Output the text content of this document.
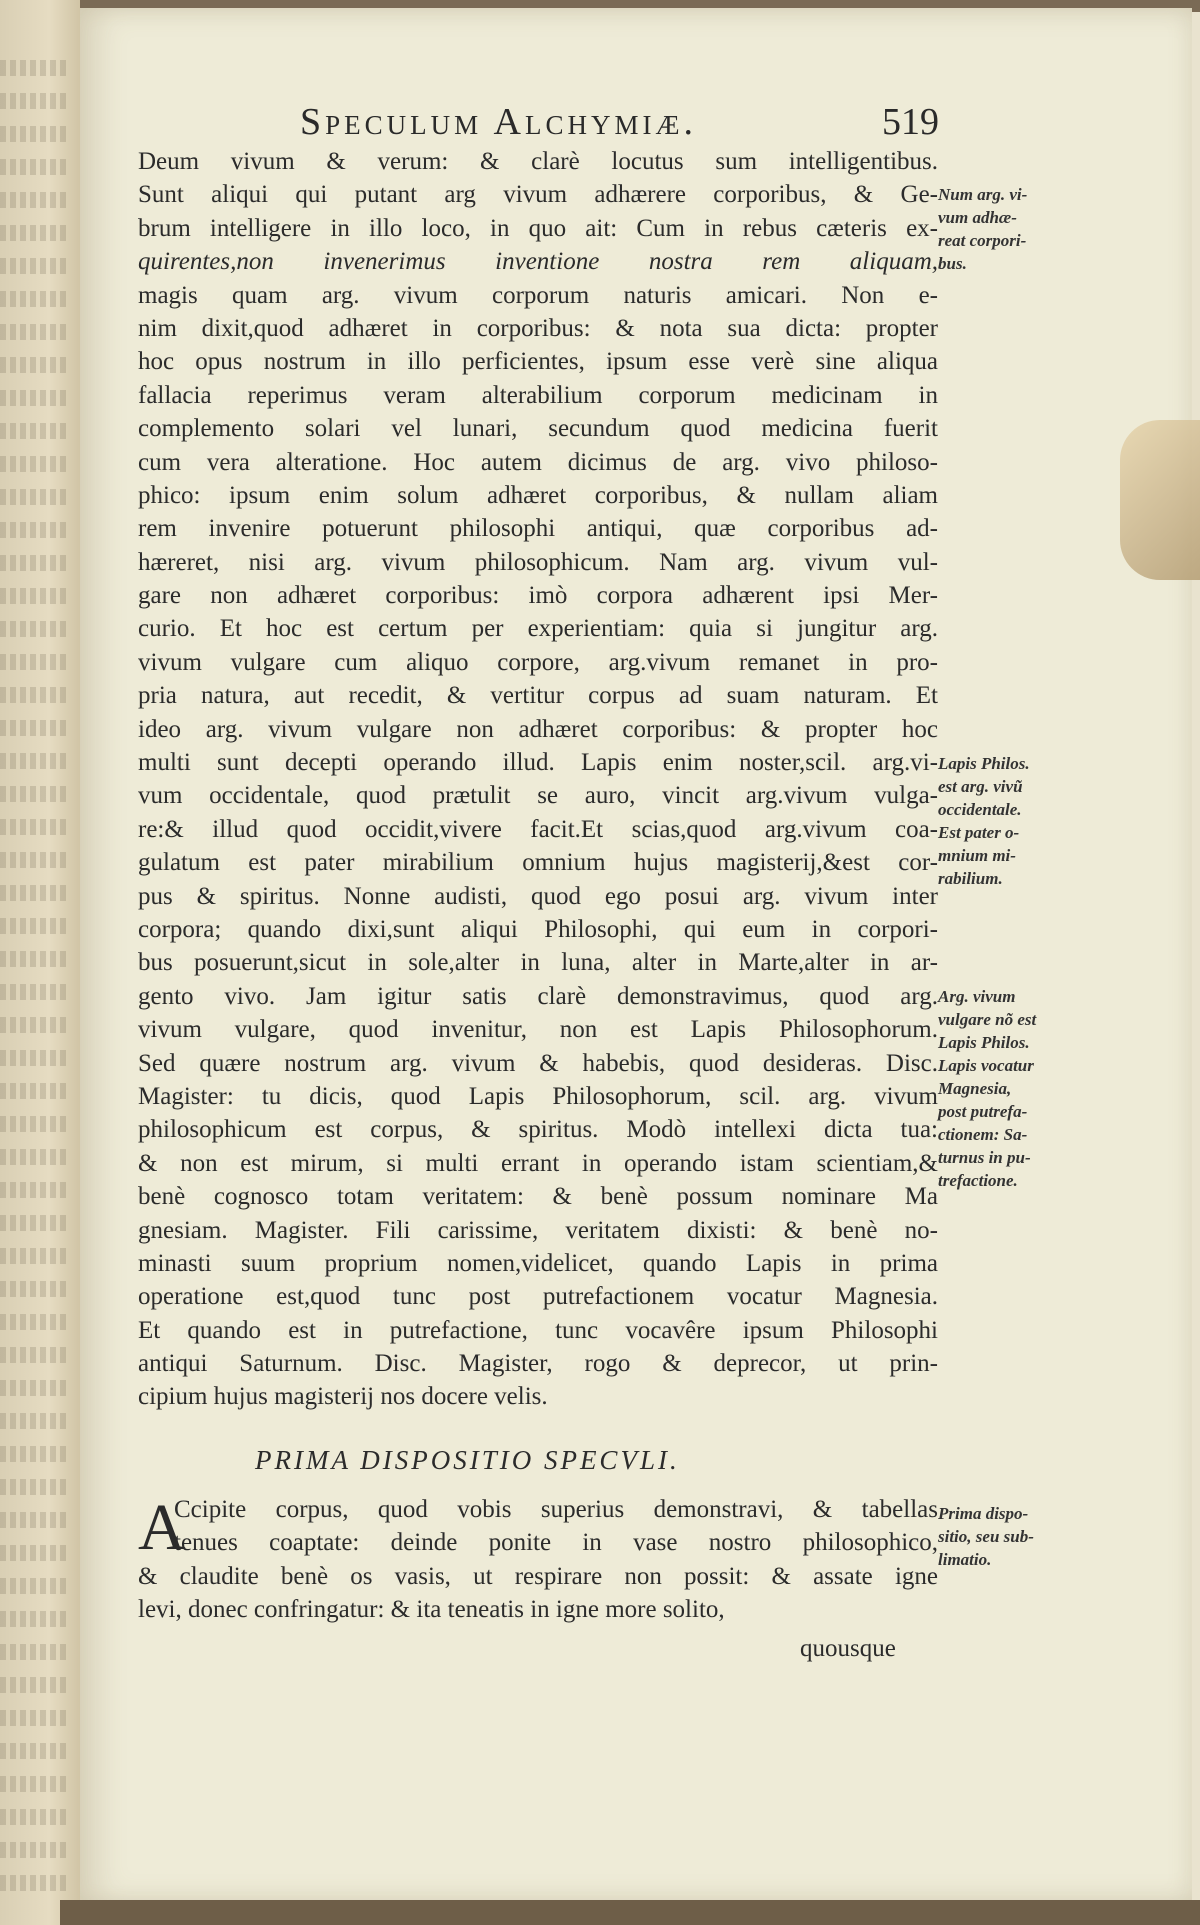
Speculum Alchymiæ.	519
Deum vivum & verum: & clarè locutus sum intelligentibus.
Sunt aliqui qui putant arg vivum adhærere corporibus, & Ge-
brum intelligere in illo loco, in quo ait: Cum in rebus cæteris ex-
quirentes,non invenerimus inventione nostra rem aliquam,
magis quam arg. vivum corporum naturis amicari. Non e-
nim dixit,quod adhæret in corporibus: & nota sua dicta: propter
hoc opus nostrum in illo perficientes, ipsum esse verè sine aliqua
fallacia reperimus veram alterabilium corporum medicinam in
complemento solari vel lunari, secundum quod medicina fuerit
cum vera alteratione. Hoc autem dicimus de arg. vivo philoso-
phico: ipsum enim solum adhæret corporibus, & nullam aliam
rem invenire potuerunt philosophi antiqui, quæ corporibus ad-
hæreret, nisi arg. vivum philosophicum. Nam arg. vivum vul-
gare non adhæret corporibus: imò corpora adhærent ipsi Mer-
curio. Et hoc est certum per experientiam: quia si jungitur arg.
vivum vulgare cum aliquo corpore, arg.vivum remanet in pro-
pria natura, aut recedit, & vertitur corpus ad suam naturam. Et
ideo arg. vivum vulgare non adhæret corporibus: & propter hoc
multi sunt decepti operando illud. Lapis enim noster,scil. arg.vi-
vum occidentale, quod prætulit se auro, vincit arg.vivum vulga-
re:& illud quod occidit,vivere facit.Et scias,quod arg.vivum coa-
gulatum est pater mirabilium omnium hujus magisterij,&est cor-
pus & spiritus. Nonne audisti, quod ego posui arg. vivum inter
corpora; quando dixi,sunt aliqui Philosophi, qui eum in corpori-
bus posuerunt,sicut in sole,alter in luna, alter in Marte,alter in ar-
gento vivo. Jam igitur satis clarè demonstravimus, quod arg.
vivum vulgare, quod invenitur, non est Lapis Philosophorum.
Sed quære nostrum arg. vivum & habebis, quod desideras. Disc.
Magister: tu dicis, quod Lapis Philosophorum, scil. arg. vivum
philosophicum est corpus, & spiritus. Modò intellexi dicta tua:
& non est mirum, si multi errant in operando istam scientiam,&
benè cognosco totam veritatem: & benè possum nominare Ma
gnesiam. Magister. Fili carissime, veritatem dixisti: & benè no-
minasti suum proprium nomen,videlicet, quando Lapis in prima
operatione est,quod tunc post putrefactionem vocatur Magnesia.
Et quando est in putrefactione, tunc vocavêre ipsum Philosophi
antiqui Saturnum. Disc. Magister, rogo & deprecor, ut prin-
cipium hujus magisterij nos docere velis.
PRIMA DISPOSITIO SPECVLI.
A
Ccipite corpus, quod vobis superius demonstravi, & tabellas
tenues coaptate: deinde ponite in vase nostro philosophico,
& claudite benè os vasis, ut respirare non possit: & assate igne
levi, donec confringatur: & ita teneatis in igne more solito,
quousque
Num arg. vi-
vum adhæ-
reat corpori-
bus.
Lapis Philos.
est arg. vivũ
occidentale.
Est pater o-
mnium mi-
rabilium.
Arg. vivum
vulgare nõ est
Lapis Philos.
Lapis vocatur
Magnesia,
post putrefa-
ctionem: Sa-
turnus in pu-
trefactione.
Prima dispo-
sitio, seu sub-
limatio.
